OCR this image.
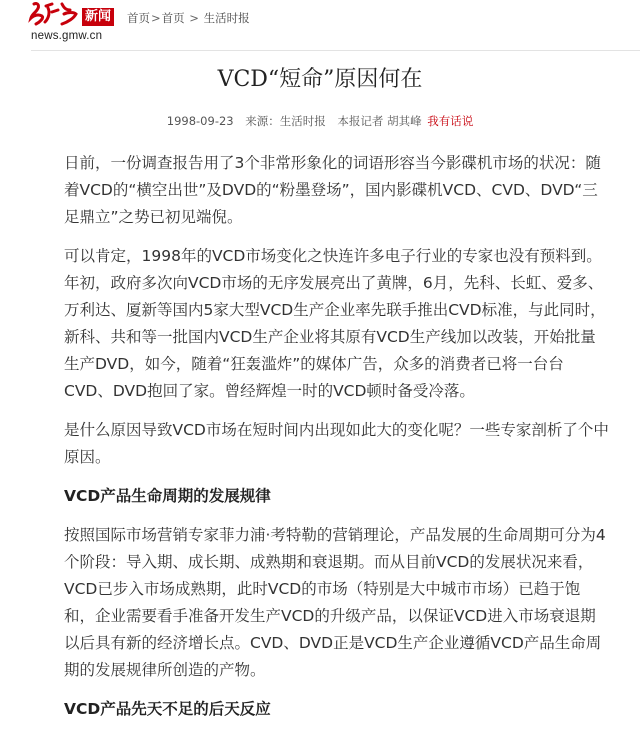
新闻
news.gmw.cn
首页>首页 > 生活时报
VCD“短命”原因何在
1998-09-23 来源：生活时报 本报记者 胡其峰 我有话说

日前，一份调查报告用了3个非常形象化的词语形容当今影碟机市场的状况：随着VCD的“横空出世”及DVD的“粉墨登场”，国内影碟机VCD、CVD、DVD“三足鼎立”之势已初见端倪。

可以肯定，1998年的VCD市场变化之快连许多电子行业的专家也没有预料到。年初，政府多次向VCD市场的无序发展亮出了黄牌，6月，先科、长虹、爱多、万利达、厦新等国内5家大型VCD生产企业率先联手推出CVD标准，与此同时，新科、共和等一批国内VCD生产企业将其原有VCD生产线加以改装，开始批量生产DVD，如今，随着“狂轰滥炸”的媒体广告，众多的消费者已将一台台CVD、DVD抱回了家。曾经辉煌一时的VCD顿时备受冷落。

是什么原因导致VCD市场在短时间内出现如此大的变化呢？一些专家剖析了个中原因。

VCD产品生命周期的发展规律

按照国际市场营销专家菲力浦·考特勒的营销理论，产品发展的生命周期可分为4个阶段：导入期、成长期、成熟期和衰退期。而从目前VCD的发展状况来看，VCD已步入市场成熟期，此时VCD的市场（特别是大中城市市场）已趋于饱和，企业需要看手准备开发生产VCD的升级产品，以保证VCD进入市场衰退期以后具有新的经济增长点。CVD、DVD正是VCD生产企业遵循VCD产品生命周期的发展规律所创造的产物。

VCD产品先天不足的后天反应
